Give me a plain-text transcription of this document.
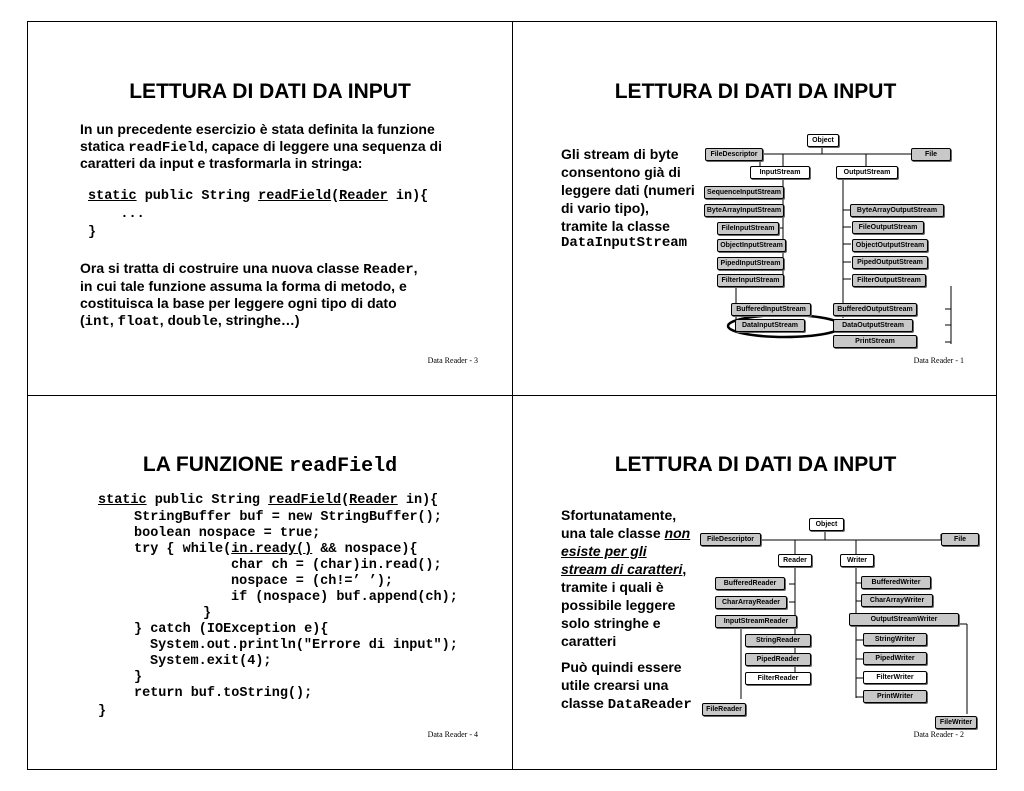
LETTURA DI DATI DA INPUT
In un precedente esercizio è stata definita la funzione
statica readField, capace di leggere una sequenza di
caratteri da input e trasformarla in stringa:
static public String readField(Reader in){
...
}
Ora si tratta di costruire una nuova classe Reader,
in cui tale funzione assuma la forma di metodo, e
costituisca la base per leggere ogni tipo di dato
(int, float, double, stringhe…)
Data Reader - 3
LETTURA DI DATI DA INPUT
Gli stream di byte
consentono già di
leggere dati (numeri
di vario tipo),
tramite la classe
DataInputStream
Object
FileDescriptor	File
InputStream	OutputStream
SequenceInputStream
ByteArrayInputStream
FileInputStream
ObjectInputStream
PipedInputStream
FilterInputStream
BufferedInputStream
DataInputStream
ByteArrayOutputStream
FileOutputStream
ObjectOutputStream
PipedOutputStream
FilterOutputStream
BufferedOutputStream
DataOutputStream
PrintStream
Data Reader - 1
LA FUNZIONE readField
static public String readField(Reader in){
StringBuffer buf = new StringBuffer();
boolean nospace = true;
try { while(in.ready() && nospace){
char ch = (char)in.read();
nospace = (ch!=’ ’);
if (nospace) buf.append(ch);
}
} catch (IOException e){
System.out.println("Errore di input");
System.exit(4);
}
return buf.toString();
}
Data Reader - 4
LETTURA DI DATI DA INPUT
Sfortunatamente,
una tale classe non
esiste per gli
stream di caratteri,
tramite i quali è
possibile leggere
solo stringhe e
caratteri
Può quindi essere
utile crearsi una
classe DataReader
Object
FileDescriptor	File
Reader	Writer
BufferedReader
CharArrayReader
InputStreamReader
StringReader
PipedReader
FilterReader
FileReader
BufferedWriter
CharArrayWriter
OutputStreamWriter
StringWriter
PipedWriter
FilterWriter
PrintWriter
FileWriter
Data Reader - 2
